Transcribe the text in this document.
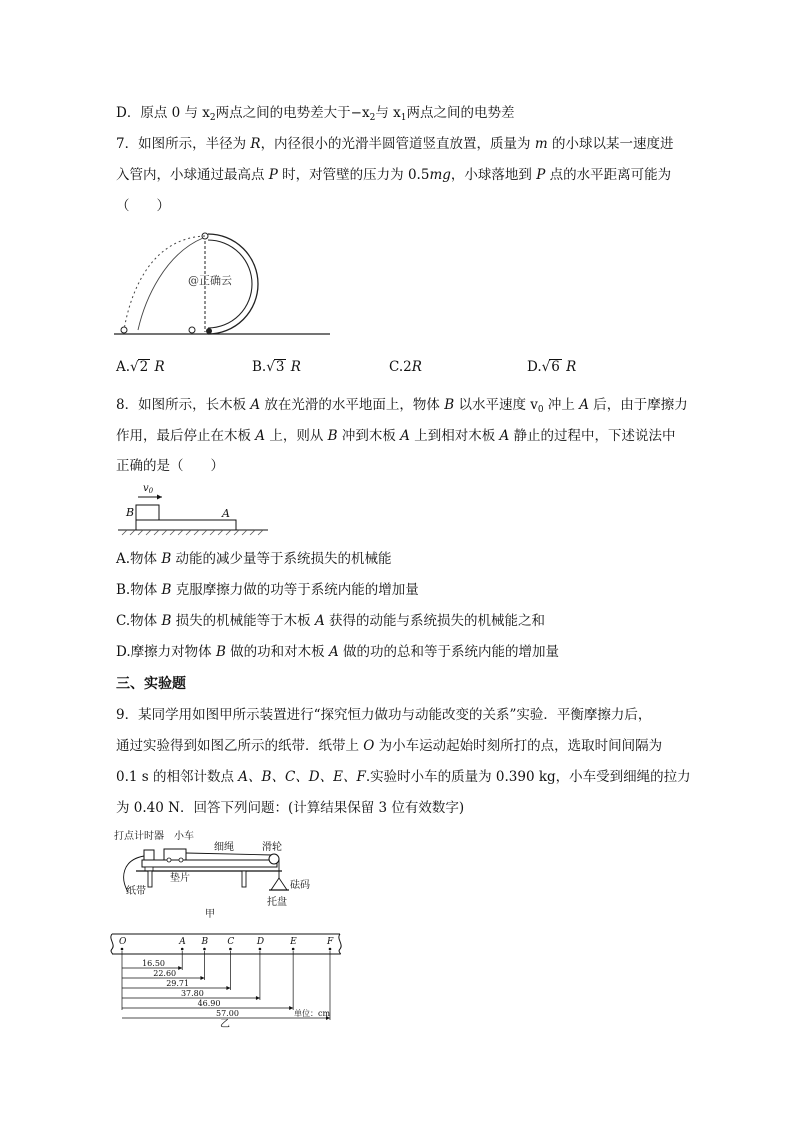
D．原点 0 与 $x_2$两点之间的电势差大于$-x_2$与 $x_1$两点之间的电势差
7．如图所示，半径为 R，内径很小的光滑半圆管道竖直放置，质量为 m 的小球以某一速度进
入管内，小球通过最高点 P 时，对管壁的压力为 0.5mg，小球落地到 P 点的水平距离可能为
（　　）
@正确云
A.√2 R	B.√3 R	C.2R	D.√6 R
8．如图所示，长木板 A 放在光滑的水平地面上，物体 B 以水平速度 $v_0$ 冲上 A 后，由于摩擦力
作用，最后停止在木板 A 上，则从 B 冲到木板 A 上到相对木板 A 静止的过程中，下述说法中
正确的是（　　）
$v_0$
B	A
A.物体 B 动能的减少量等于系统损失的机械能
B.物体 B 克服摩擦力做的功等于系统内能的增加量
C.物体 B 损失的机械能等于木板 A 获得的动能与系统损失的机械能之和
D.摩擦力对物体 B 做的功和对木板 A 做的功的总和等于系统内能的增加量
三、实验题
9．某同学用如图甲所示装置进行“探究恒力做功与动能改变的关系”实验．平衡摩擦力后，
通过实验得到如图乙所示的纸带．纸带上 O 为小车运动起始时刻所打的点，选取时间间隔为
0.1 s 的相邻计数点 A、B、C、D、E、F.实验时小车的质量为 0.390 kg，小车受到细绳的拉力
为 0.40 N．回答下列问题：(计算结果保留 3 位有效数字)
打点计时器 小车
细绳	滑轮
砝码
托盘
垫片
纸带
甲
O	A B C	D	E	F
16.50
22.60
29.71
37.80
46.90
57.00	单位：cm
乙
